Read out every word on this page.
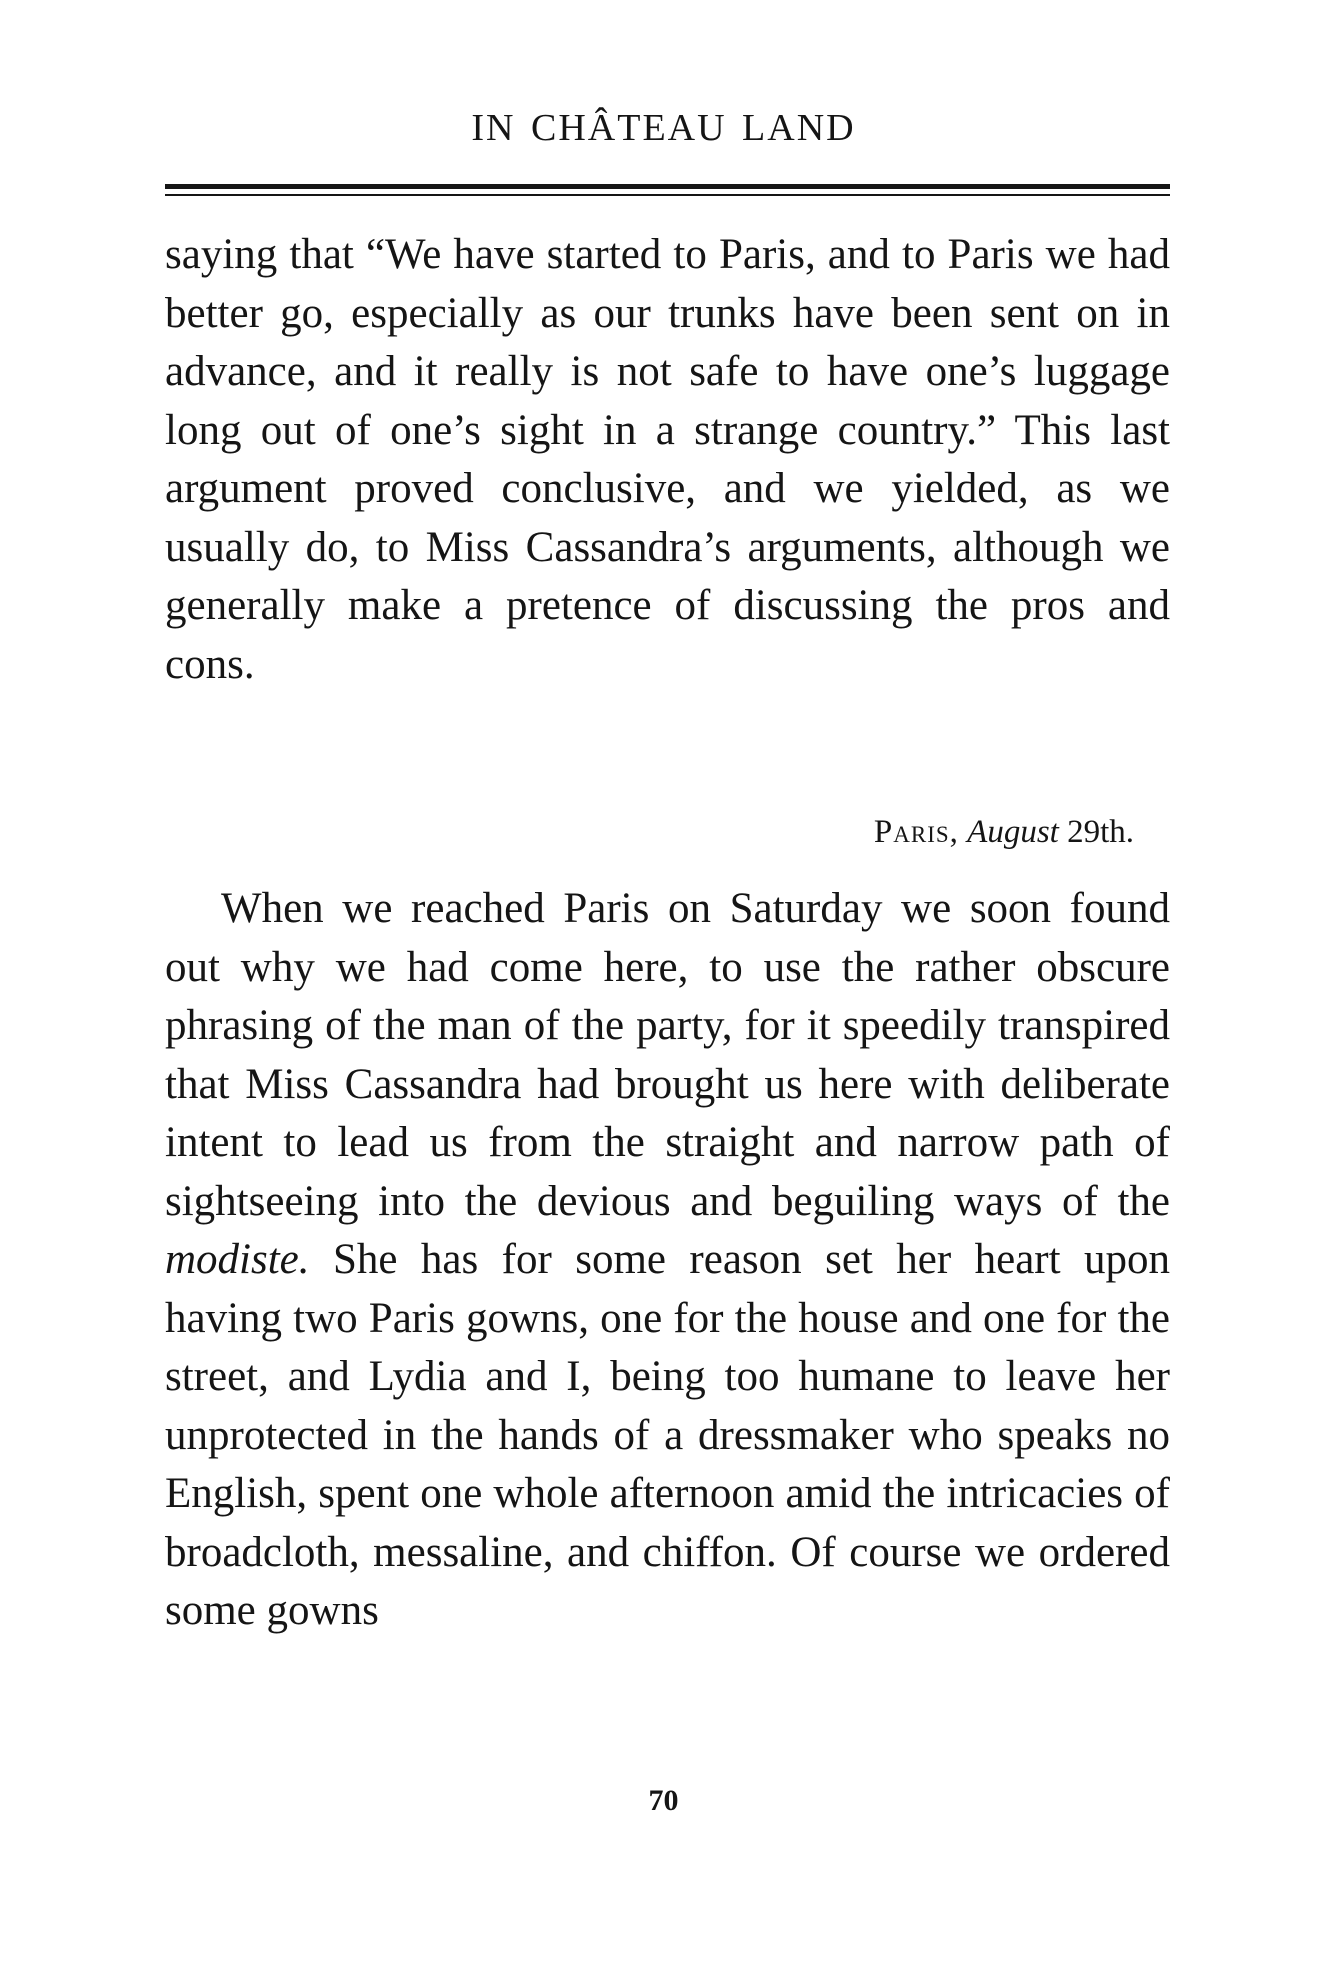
IN CHÂTEAU LAND

saying that “We have started to Paris, and to Paris we had better go, especially as our trunks have been sent on in advance, and it really is not safe to have one’s luggage long out of one’s sight in a strange country.” This last argument proved conclusive, and we yielded, as we usually do, to Miss Cassandra’s arguments, although we generally make a pretence of discussing the pros and cons.

Paris, August 29th.

When we reached Paris on Saturday we soon found out why we had come here, to use the rather obscure phrasing of the man of the party, for it speedily transpired that Miss Cassandra had brought us here with deliberate intent to lead us from the straight and narrow path of sightseeing into the devious and beguiling ways of the modiste. She has for some reason set her heart upon having two Paris gowns, one for the house and one for the street, and Lydia and I, being too humane to leave her unprotected in the hands of a dressmaker who speaks no English, spent one whole afternoon amid the intricacies of broadcloth, messaline, and chiffon. Of course we ordered some gowns

70
